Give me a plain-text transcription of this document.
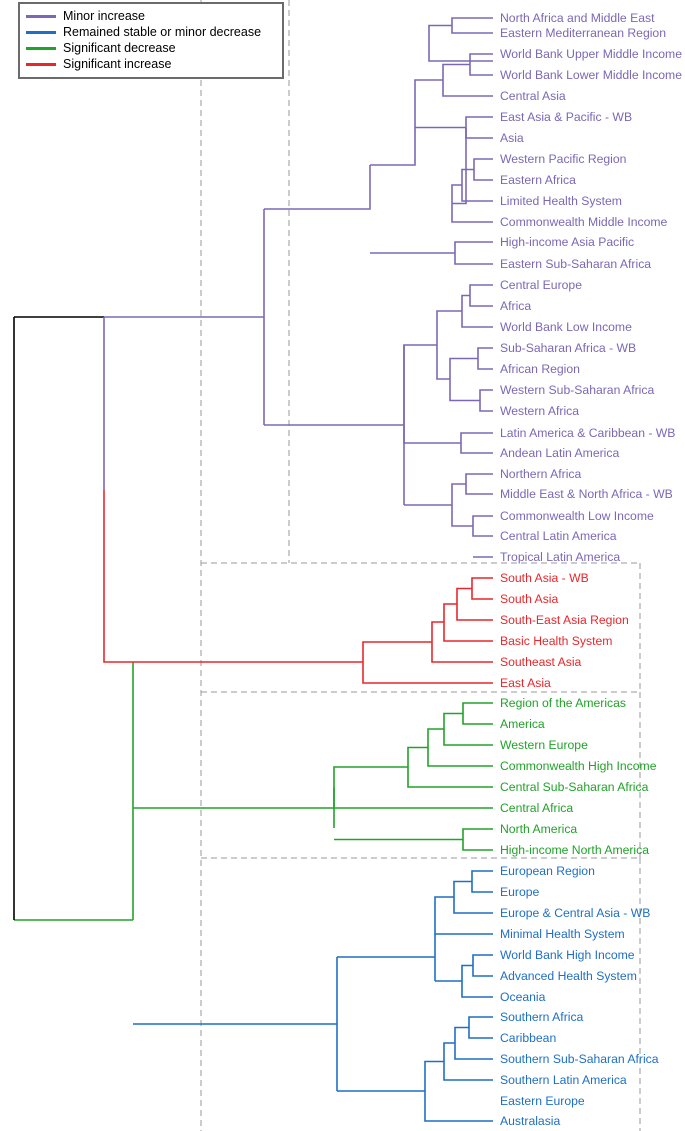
Minor increase
Remained stable or minor decrease
Significant decrease
Significant increase
North Africa and Middle East
Eastern Mediterranean Region
World Bank Upper Middle Income
World Bank Lower Middle Income
Central Asia
East Asia & Pacific - WB
Asia
Western Pacific Region
Eastern Africa
Limited Health System
Commonwealth Middle Income
High-income Asia Pacific
Eastern Sub-Saharan Africa
Central Europe
Africa
World Bank Low Income
Sub-Saharan Africa - WB
African Region
Western Sub-Saharan Africa
Western Africa
Latin America & Caribbean - WB
Andean Latin America
Northern Africa
Middle East & North Africa - WB
Commonwealth Low Income
Central Latin America
Tropical Latin America
South Asia - WB
South Asia
South-East Asia Region
Basic Health System
Southeast Asia
East Asia
Region of the Americas
America
Western Europe
Commonwealth High Income
Central Sub-Saharan Africa
Central Africa
North America
High-income North America
European Region
Europe
Europe & Central Asia - WB
Minimal Health System
World Bank High Income
Advanced Health System
Oceania
Southern Africa
Caribbean
Southern Sub-Saharan Africa
Southern Latin America
Eastern Europe
Australasia
